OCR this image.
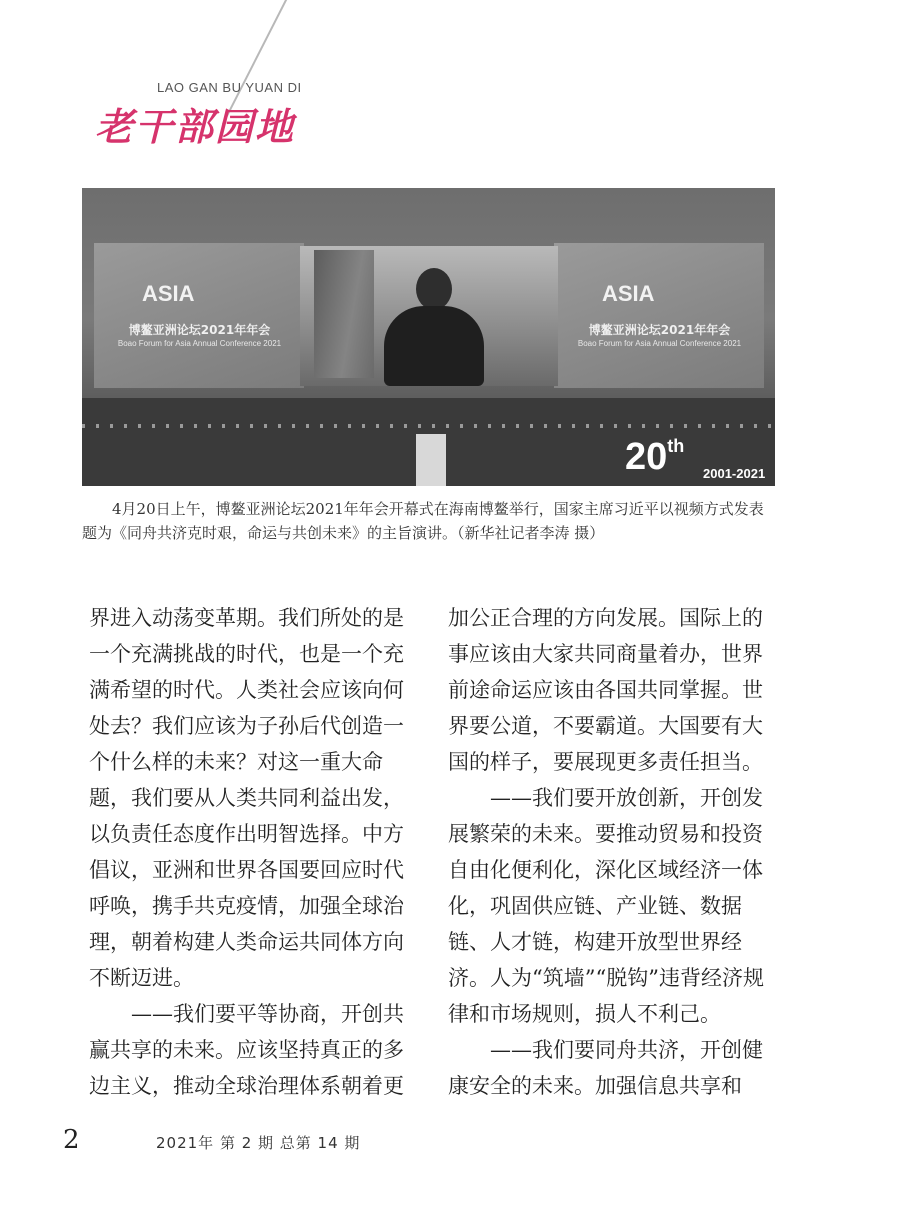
LAO GAN BU YUAN DI
老干部园地
ASIA
博鳌亚洲论坛2021年年会
Boao Forum for Asia Annual Conference 2021
ASIA
博鳌亚洲论坛2021年年会
Boao Forum for Asia Annual Conference 2021
20th
2001-2021

4月20日上午，博鳌亚洲论坛2021年年会开幕式在海南博鳌举行，国家主席习近平以视频方式发表题为《同舟共济克时艰，命运与共创未来》的主旨演讲。（新华社记者李涛 摄）

界进入动荡变革期。我们所处的是一个充满挑战的时代，也是一个充满希望的时代。人类社会应该向何处去？我们应该为子孙后代创造一个什么样的未来？对这一重大命题，我们要从人类共同利益出发，以负责任态度作出明智选择。中方倡议，亚洲和世界各国要回应时代呼唤，携手共克疫情，加强全球治理，朝着构建人类命运共同体方向不断迈进。

——我们要平等协商，开创共赢共享的未来。应该坚持真正的多边主义，推动全球治理体系朝着更

加公正合理的方向发展。国际上的事应该由大家共同商量着办，世界前途命运应该由各国共同掌握。世界要公道，不要霸道。大国要有大国的样子，要展现更多责任担当。

——我们要开放创新，开创发展繁荣的未来。要推动贸易和投资自由化便利化，深化区域经济一体化，巩固供应链、产业链、数据链、人才链，构建开放型世界经济。人为“筑墙”“脱钩”违背经济规律和市场规则，损人不利己。

——我们要同舟共济，开创健康安全的未来。加强信息共享和

2	2021年 第 2 期 总第 14 期
